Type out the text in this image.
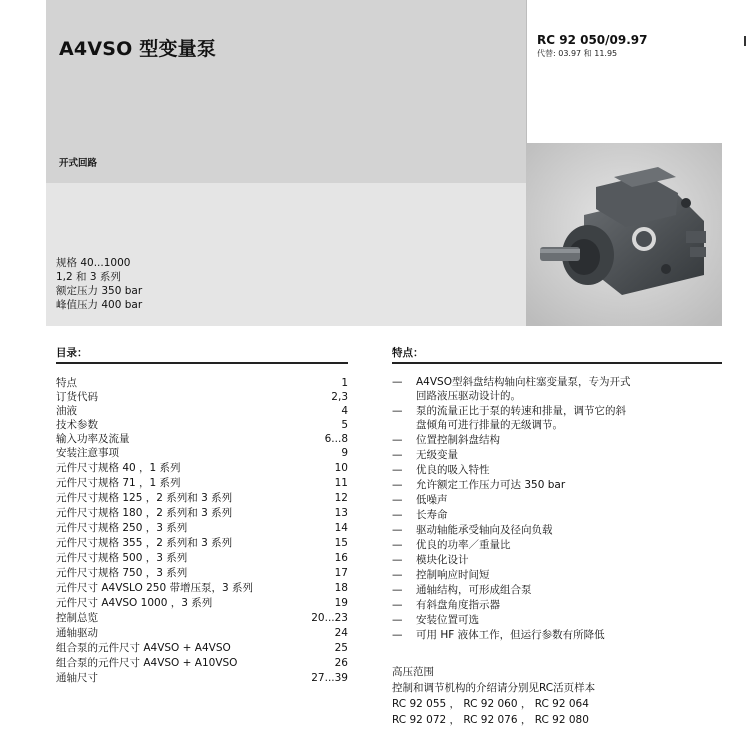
A4VSO 型变量泵	RC 92 050/09.97
代替: 03.97 和 11.95
开式回路
规格 40...1000
1,2 和 3 系列
额定压力 350 bar
峰值压力 400 bar
目录：
特点	1
订货代码	2,3
油液	4
技术参数	5
输入功率及流量	6...8
安装注意事项	9
元件尺寸规格 40 ，1 系列	10
元件尺寸规格 71 ，1 系列	11
元件尺寸规格 125 ，2 系列和 3 系列	12
元件尺寸规格 180 ，2 系列和 3 系列	13
元件尺寸规格 250 ，3 系列	14
元件尺寸规格 355 ，2 系列和 3 系列	15
元件尺寸规格 500 ，3 系列	16
元件尺寸规格 750 ，3 系列	17
元件尺寸 A4VSLO 250 带增压泵，3 系列	18
元件尺寸 A4VSO 1000 ，3 系列	19
控制总览	20...23
通轴驱动	24
组合泵的元件尺寸 A4VSO + A4VSO	25
组合泵的元件尺寸 A4VSO + A10VSO	26
通轴尺寸	27...39
特点：
— A4VSO型斜盘结构轴向柱塞变量泵，专为开式
回路液压驱动设计的。
— 泵的流量正比于泵的转速和排量，调节它的斜
盘倾角可进行排量的无级调节。
— 位置控制斜盘结构
— 无级变量
— 优良的吸入特性
— 允许额定工作压力可达 350 bar
— 低噪声
— 长寿命
— 驱动轴能承受轴向及径向负载
— 优良的功率／重量比
— 模块化设计
— 控制响应时间短
— 通轴结构，可形成组合泵
— 有斜盘角度指示器
— 安装位置可选
— 可用 HF 液体工作，但运行参数有所降低
高压范围
控制和调节机构的介绍请分别见RC活页样本
RC 92 055 ， RC 92 060 ， RC 92 064
RC 92 072 ， RC 92 076 ， RC 92 080
